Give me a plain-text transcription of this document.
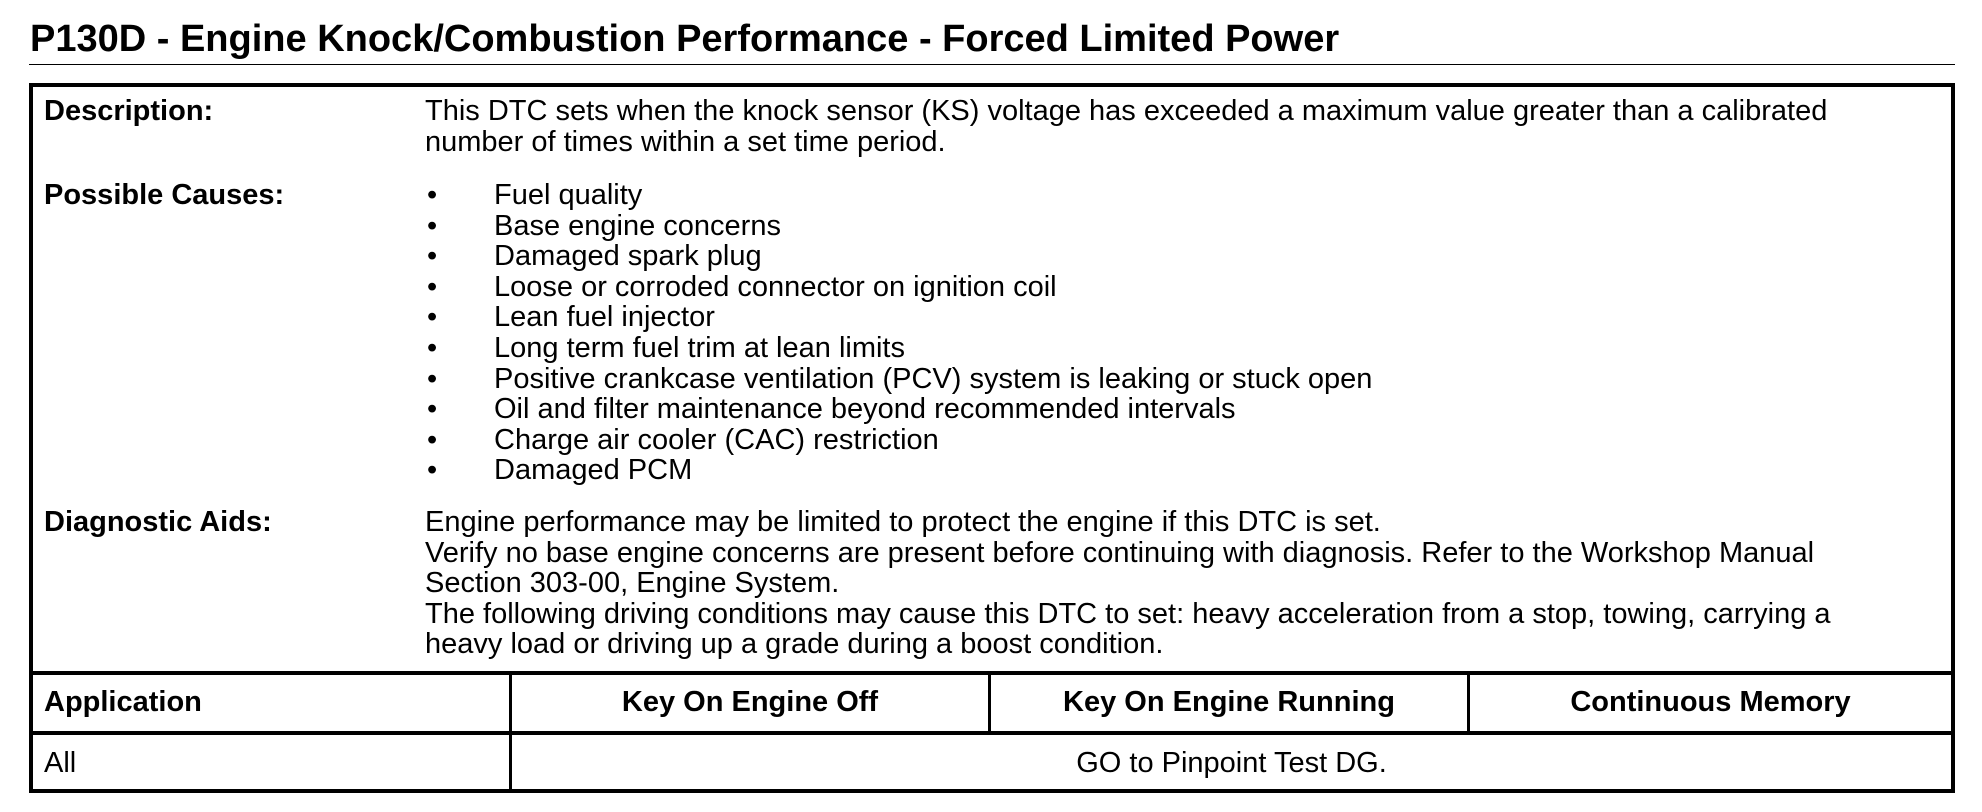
P130D - Engine Knock/Combustion Performance - Forced Limited Power
Description:	This DTC sets when the knock sensor (KS) voltage has exceeded a maximum value greater than a calibrated
number of times within a set time period.
Possible Causes:	• Fuel quality
• Base engine concerns
• Damaged spark plug
• Loose or corroded connector on ignition coil
• Lean fuel injector
• Long term fuel trim at lean limits
• Positive crankcase ventilation (PCV) system is leaking or stuck open
• Oil and filter maintenance beyond recommended intervals
• Charge air cooler (CAC) restriction
• Damaged PCM
Diagnostic Aids:	Engine performance may be limited to protect the engine if this DTC is set.
Verify no base engine concerns are present before continuing with diagnosis. Refer to the Workshop Manual
Section 303-00, Engine System.
The following driving conditions may cause this DTC to set: heavy acceleration from a stop, towing, carrying a
heavy load or driving up a grade during a boost condition.
Application	Key On Engine Off	Key On Engine Running	Continuous Memory
All	GO to Pinpoint Test DG.
